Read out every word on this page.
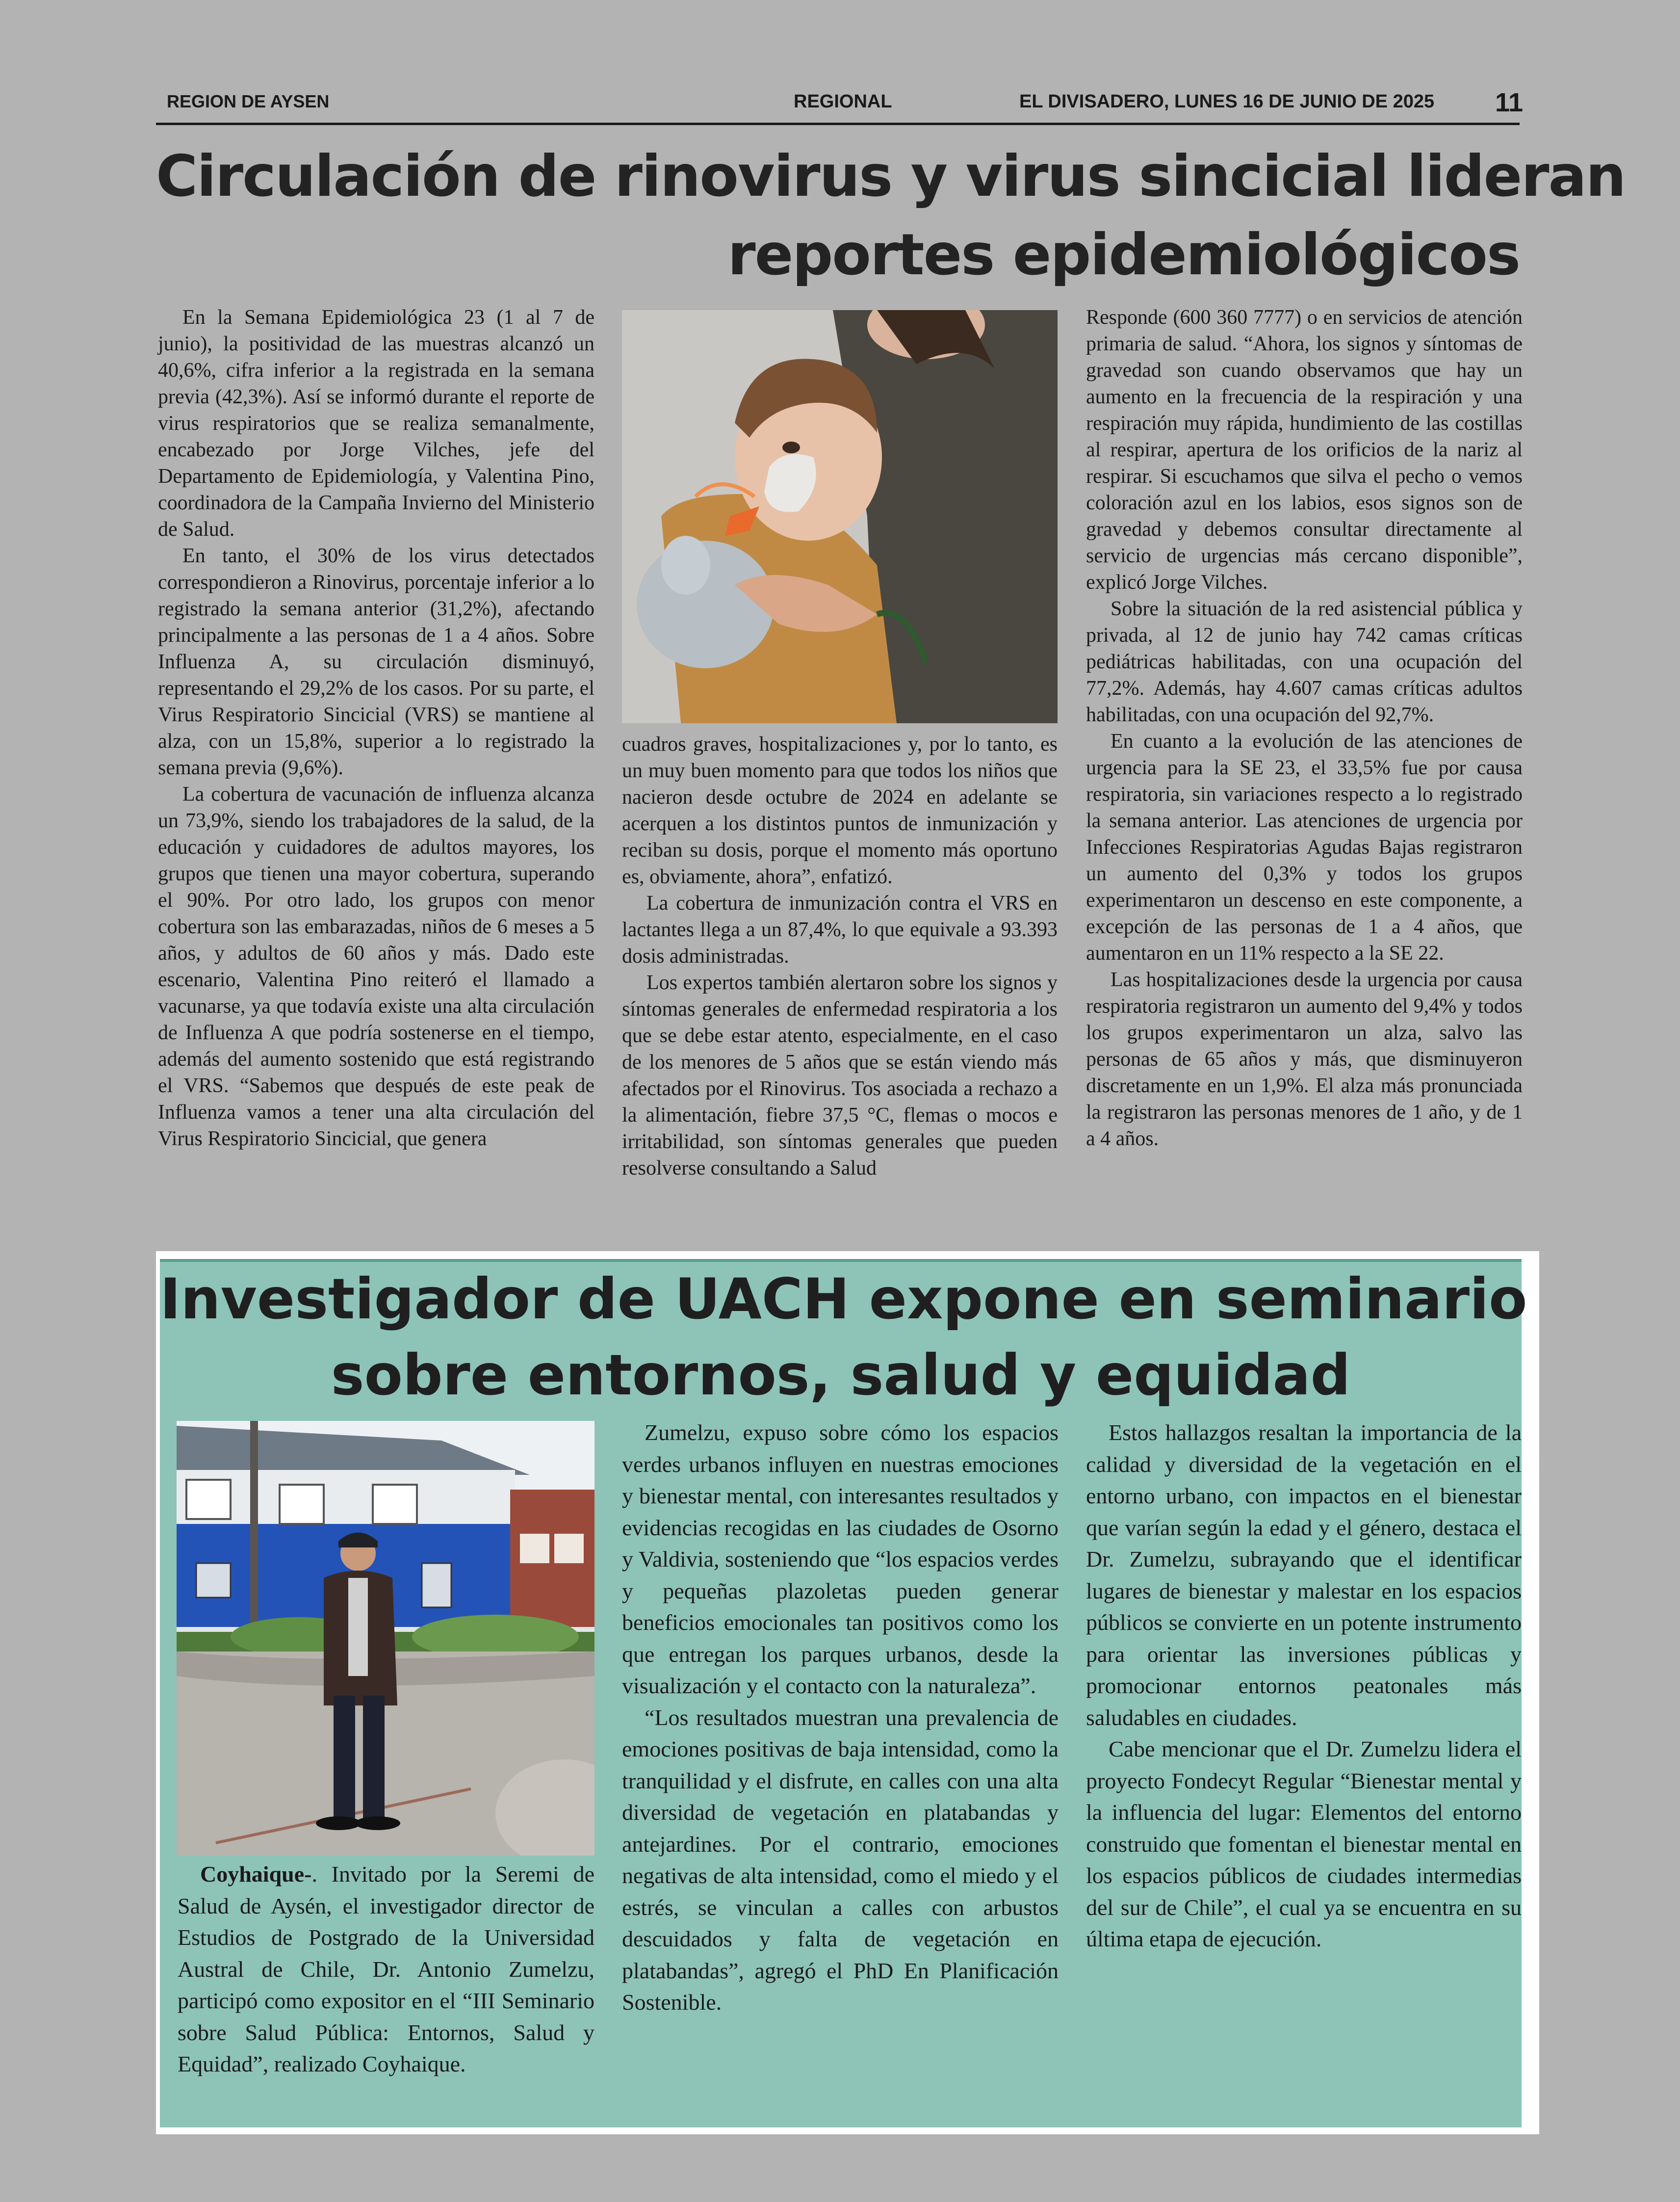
REGION DE AYSEN	REGIONAL	EL DIVISADERO, LUNES 16 DE JUNIO DE 2025 11
Circulación de rinovirus y virus sincicial lideran
reportes epidemiológicos

En la Semana Epidemiológica 23 (1 al 7 de junio), la positividad de las muestras alcanzó un 40,6%, cifra inferior a la registrada en la semana previa (42,3%). Así se informó durante el reporte de virus respiratorios que se realiza semanalmente, encabezado por Jorge Vilches, jefe del Departamento de Epidemiología, y Valentina Pino, coordinadora de la Campaña Invierno del Ministerio de Salud.

En tanto, el 30% de los virus detectados correspondieron a Rinovirus, porcentaje inferior a lo registrado la semana anterior (31,2%), afectando principalmente a las personas de 1 a 4 años. Sobre Influenza A, su circulación disminuyó, representando el 29,2% de los casos. Por su parte, el Virus Respiratorio Sincicial (VRS) se mantiene al alza, con un 15,8%, superior a lo registrado la semana previa (9,6%).

La cobertura de vacunación de influenza alcanza un 73,9%, siendo los trabajadores de la salud, de la educación y cuidadores de adultos mayores, los grupos que tienen una mayor cobertura, superando el 90%. Por otro lado, los grupos con menor cobertura son las embarazadas, niños de 6 meses a 5 años, y adultos de 60 años y más. Dado este escenario, Valentina Pino reiteró el llamado a vacunarse, ya que todavía existe una alta circulación de Influenza A que podría sostenerse en el tiempo, además del aumento sostenido que está registrando el VRS. “Sabemos que después de este peak de Influenza vamos a tener una alta circulación del Virus Respiratorio Sincicial, que genera

cuadros graves, hospitalizaciones y, por lo tanto, es un muy buen momento para que todos los niños que nacieron desde octubre de 2024 en adelante se acerquen a los distintos puntos de inmunización y reciban su dosis, porque el momento más oportuno es, obviamente, ahora”, enfatizó.

La cobertura de inmunización contra el VRS en lactantes llega a un 87,4%, lo que equivale a 93.393 dosis administradas.

Los expertos también alertaron sobre los signos y síntomas generales de enfermedad respiratoria a los que se debe estar atento, especialmente, en el caso de los menores de 5 años que se están viendo más afectados por el Rinovirus. Tos asociada a rechazo a la alimentación, fiebre 37,5 °C, flemas o mocos e irritabilidad, son síntomas generales que pueden resolverse consultando a Salud

Responde (600 360 7777) o en servicios de atención primaria de salud. “Ahora, los signos y síntomas de gravedad son cuando observamos que hay un aumento en la frecuencia de la respiración y una respiración muy rápida, hundimiento de las costillas al respirar, apertura de los orificios de la nariz al respirar. Si escuchamos que silva el pecho o vemos coloración azul en los labios, esos signos son de gravedad y debemos consultar directamente al servicio de urgencias más cercano disponible”, explicó Jorge Vilches.

Sobre la situación de la red asistencial pública y privada, al 12 de junio hay 742 camas críticas pediátricas habilitadas, con una ocupación del 77,2%. Además, hay 4.607 camas críticas adultos habilitadas, con una ocupación del 92,7%.

En cuanto a la evolución de las atenciones de urgencia para la SE 23, el 33,5% fue por causa respiratoria, sin variaciones respecto a lo registrado la semana anterior. Las atenciones de urgencia por Infecciones Respiratorias Agudas Bajas registraron un aumento del 0,3% y todos los grupos experimentaron un descenso en este componente, a excepción de las personas de 1 a 4 años, que aumentaron en un 11% respecto a la SE 22.

Las hospitalizaciones desde la urgencia por causa respiratoria registraron un aumento del 9,4% y todos los grupos experimentaron un alza, salvo las personas de 65 años y más, que disminuyeron discretamente en un 1,9%. El alza más pronunciada la registraron las personas menores de 1 año, y de 1 a 4 años.

Investigador de UACH expone en seminario
sobre entornos, salud y equidad

Coyhaique-. Invitado por la Seremi de Salud de Aysén, el investigador director de Estudios de Postgrado de la Universidad Austral de Chile, Dr. Antonio Zumelzu, participó como expositor en el “III Seminario sobre Salud Pública: Entornos, Salud y Equidad”, realizado Coyhaique.

Zumelzu, expuso sobre cómo los espacios verdes urbanos influyen en nuestras emociones y bienestar mental, con interesantes resultados y evidencias recogidas en las ciudades de Osorno y Valdivia, sosteniendo que “los espacios verdes y pequeñas plazoletas pueden generar beneficios emocionales tan positivos como los que entregan los parques urbanos, desde la visualización y el contacto con la naturaleza”.

“Los resultados muestran una prevalencia de emociones positivas de baja intensidad, como la tranquilidad y el disfrute, en calles con una alta diversidad de vegetación en platabandas y antejardines. Por el contrario, emociones negativas de alta intensidad, como el miedo y el estrés, se vinculan a calles con arbustos descuidados y falta de vegetación en platabandas”, agregó el PhD En Planificación Sostenible.

Estos hallazgos resaltan la importancia de la calidad y diversidad de la vegetación en el entorno urbano, con impactos en el bienestar que varían según la edad y el género, destaca el Dr. Zumelzu, subrayando que el identificar lugares de bienestar y malestar en los espacios públicos se convierte en un potente instrumento para orientar las inversiones públicas y promocionar entornos peatonales más saludables en ciudades.

Cabe mencionar que el Dr. Zumelzu lidera el proyecto Fondecyt Regular “Bienestar mental y la influencia del lugar: Elementos del entorno construido que fomentan el bienestar mental en los espacios públicos de ciudades intermedias del sur de Chile”, el cual ya se encuentra en su última etapa de ejecución.
